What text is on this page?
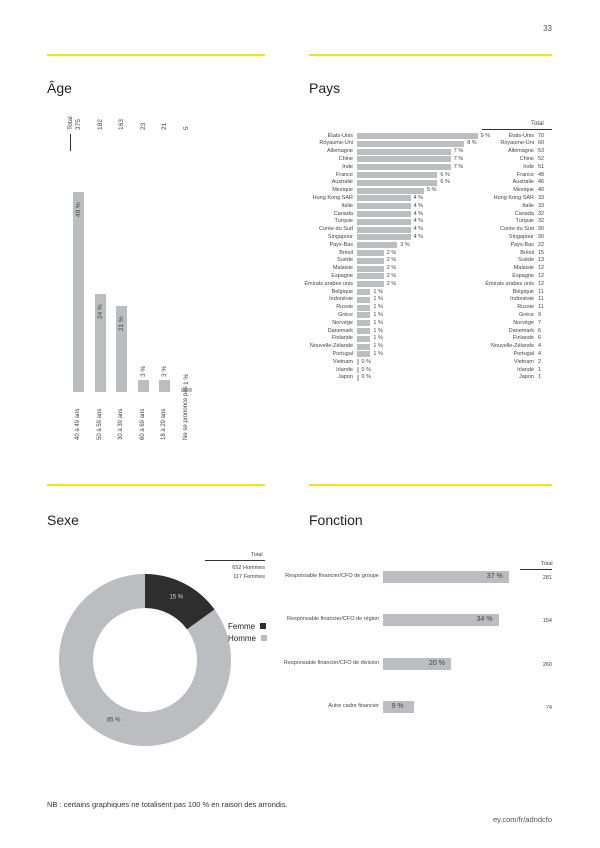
33
Âge
Total
49 %
375
40 à 49 ans
24 %
182
50 à 59 ans
21 %
163
30 à 39 ans
3 %
23
60 à 69 ans
3 %
21
18 à 29 ans
1 %
5
Ne se prononce pas
Pays
Total
États-Unis	9 %	États-Unis 70
Royaume-Uni	8 %	Royaume-Uni 60
Allemagne	7 %	Allemagne 53
Chine	7 %	Chine 52
Inde	7 %	Inde 51
France	6 %	France 48
Australie	6 %	Australie 46
Mexique	5 %	Mexique 40
Hong Kong SAR	4 %	Hong Kong SAR 33
Italie	4 %	Italie 33
Canada	4 %	Canada 32
Turquie	4 %	Turquie 32
Corée du Sud	4 %	Corée du Sud 30
Singapour	4 %	Singapour 30
Pays-Bas	3 %	Pays-Bas 22
Brésil	2 %	Brésil 15
Suède	2 %	Suède 13
Malaisie	2 %	Malaisie 12
Espagne	2 %	Espagne 12
Émirats arabes unis	2 %	Émirats arabes unis 12
Belgique	1 %	Belgique 11
Indonésie	1 %	Indonésie 11
Russie	1 %	Russie 11
Grèce	1 %	Grèce 9
Norvège	1 %	Norvège 7
Danemark	1 %	Danemark 6
Finlande	1 %	Finlande 6
Nouvelle-Zélande	1 %	Nouvelle-Zélande 4
Portugal	1 %	Portugal 4
Vietnam 0 %	Vietnam 2
Irlande 0 %	Irlande 1
Japon 0 %	Japon 1
Sexe
Total
652 Hommes
117 Femmes
15 %
85 %
Femme
Homme
Fonction
Total
Responsable financier/CFO de groupe	37 %	281
Responsable financier/CFO de région	34 %	154
Responsable financier/CFO de division	20 %	260
Autre cadre financier 9 %	74
NB : certains graphiques ne totalisent pas 100 % en raison des arrondis.
ey.com/fr/adndcfo
